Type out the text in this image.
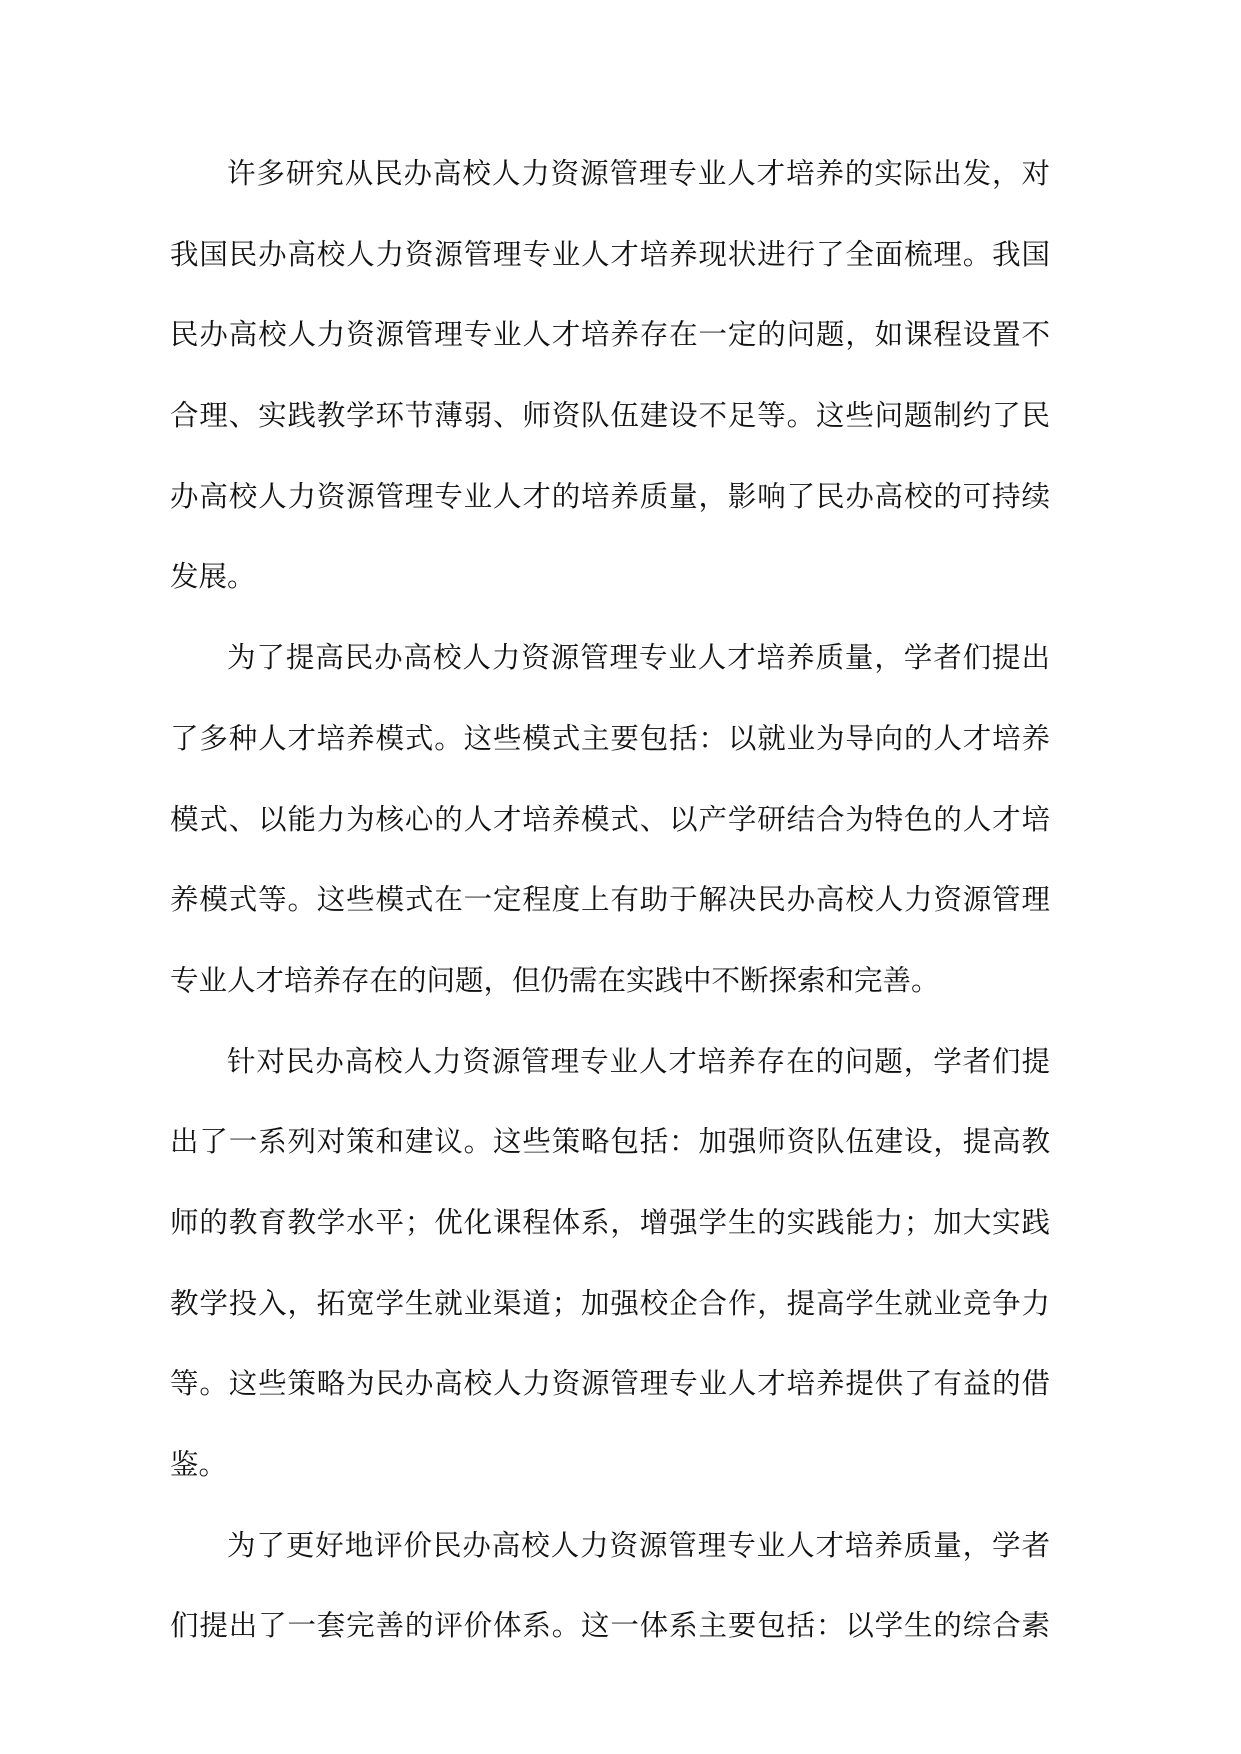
许多研究从民办高校人力资源管理专业人才培养的实际出发，对
我国民办高校人力资源管理专业人才培养现状进行了全面梳理。我国
民办高校人力资源管理专业人才培养存在一定的问题，如课程设置不
合理、实践教学环节薄弱、师资队伍建设不足等。这些问题制约了民
办高校人力资源管理专业人才的培养质量，影响了民办高校的可持续
发展。
为了提高民办高校人力资源管理专业人才培养质量，学者们提出
了多种人才培养模式。这些模式主要包括：以就业为导向的人才培养
模式、以能力为核心的人才培养模式、以产学研结合为特色的人才培
养模式等。这些模式在一定程度上有助于解决民办高校人力资源管理
专业人才培养存在的问题，但仍需在实践中不断探索和完善。
针对民办高校人力资源管理专业人才培养存在的问题，学者们提
出了一系列对策和建议。这些策略包括：加强师资队伍建设，提高教
师的教育教学水平；优化课程体系，增强学生的实践能力；加大实践
教学投入，拓宽学生就业渠道；加强校企合作，提高学生就业竞争力
等。这些策略为民办高校人力资源管理专业人才培养提供了有益的借
鉴。
为了更好地评价民办高校人力资源管理专业人才培养质量，学者
们提出了一套完善的评价体系。这一体系主要包括：以学生的综合素
